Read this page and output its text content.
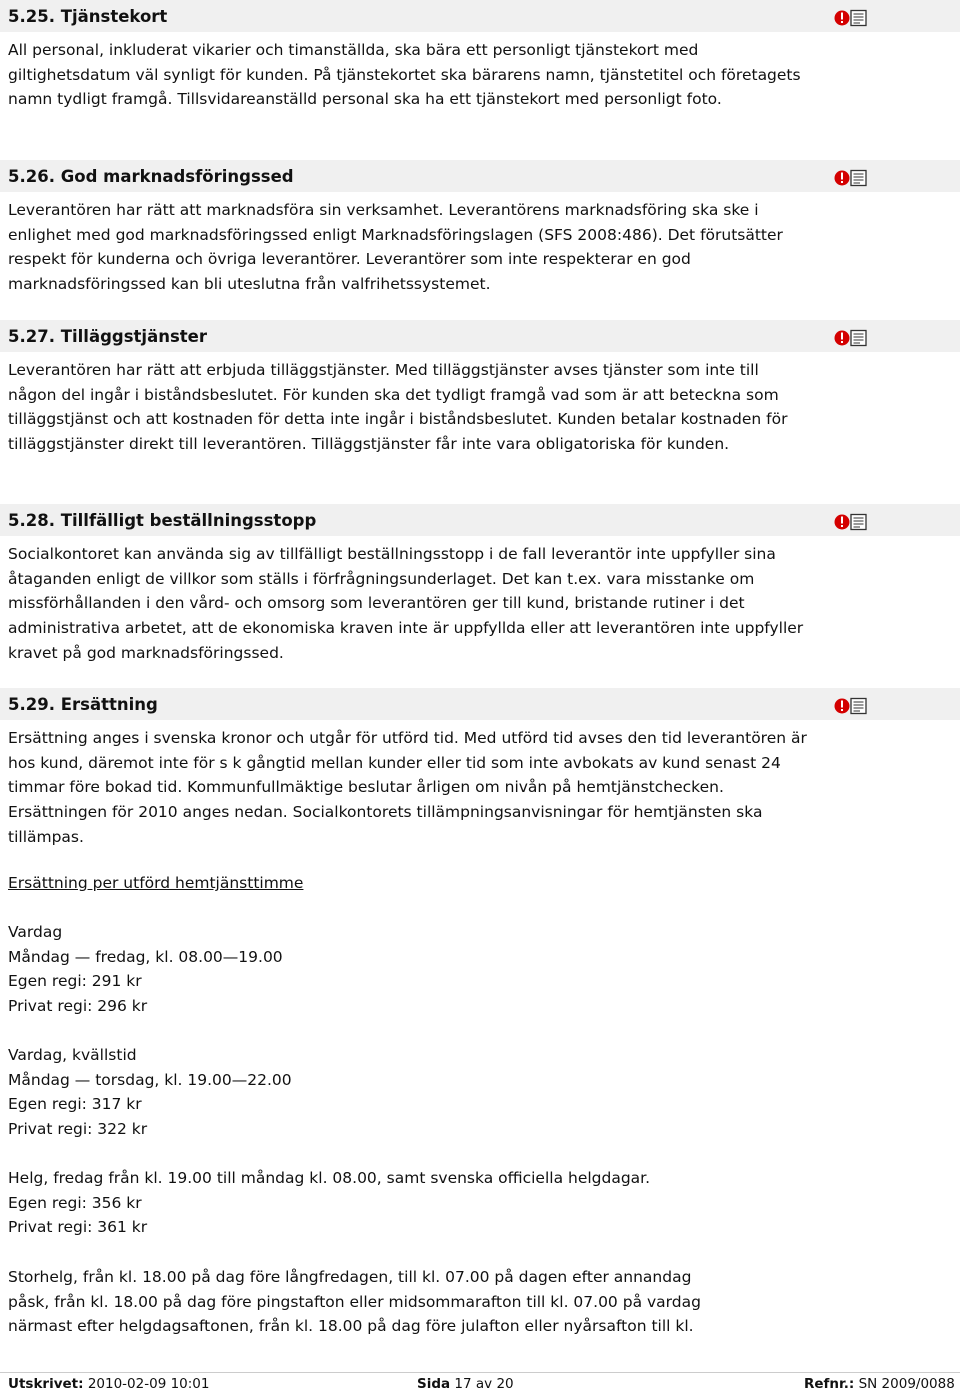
5.25. Tjänstekort

All personal, inkluderat vikarier och timanställda, ska bära ett personligt tjänstekort med giltighetsdatum väl synligt för kunden. På tjänstekortet ska bärarens namn, tjänstetitel och företagets namn tydligt framgå. Tillsvidareanställd personal ska ha ett tjänstekort med personligt foto.

5.26. God marknadsföringssed

Leverantören har rätt att marknadsföra sin verksamhet. Leverantörens marknadsföring ska ske i enlighet med god marknadsföringssed enligt Marknadsföringslagen (SFS 2008:486). Det förutsätter respekt för kunderna och övriga leverantörer. Leverantörer som inte respekterar en god marknadsföringssed kan bli uteslutna från valfrihetssystemet.

5.27. Tilläggstjänster

Leverantören har rätt att erbjuda tilläggstjänster. Med tilläggstjänster avses tjänster som inte till någon del ingår i biståndsbeslutet. För kunden ska det tydligt framgå vad som är att beteckna som tilläggstjänst och att kostnaden för detta inte ingår i biståndsbeslutet. Kunden betalar kostnaden för tilläggstjänster direkt till leverantören. Tilläggstjänster får inte vara obligatoriska för kunden.

5.28. Tillfälligt beställningsstopp

Socialkontoret kan använda sig av tillfälligt beställningsstopp i de fall leverantör inte uppfyller sina åtaganden enligt de villkor som ställs i förfrågningsunderlaget. Det kan t.ex. vara misstanke om missförhållanden i den vård- och omsorg som leverantören ger till kund, bristande rutiner i det administrativa arbetet, att de ekonomiska kraven inte är uppfyllda eller att leverantören inte uppfyller kravet på god marknadsföringssed.

5.29. Ersättning

Ersättning anges i svenska kronor och utgår för utförd tid. Med utförd tid avses den tid leverantören är hos kund, däremot inte för s k gångtid mellan kunder eller tid som inte avbokats av kund senast 24 timmar före bokad tid. Kommunfullmäktige beslutar årligen om nivån på hemtjänstchecken. Ersättningen för 2010 anges nedan. Socialkontorets tillämpningsanvisningar för hemtjänsten ska tillämpas.

Ersättning per utförd hemtjänsttimme
Vardag
Måndag — fredag, kl. 08.00—19.00
Egen regi: 291 kr
Privat regi: 296 kr
Vardag, kvällstid
Måndag — torsdag, kl. 19.00—22.00
Egen regi: 317 kr
Privat regi: 322 kr
Helg, fredag från kl. 19.00 till måndag kl. 08.00, samt svenska officiella helgdagar.
Egen regi: 356 kr
Privat regi: 361 kr
Storhelg, från kl. 18.00 på dag före långfredagen, till kl. 07.00 på dagen efter annandag
påsk, från kl. 18.00 på dag före pingstafton eller midsommarafton till kl. 07.00 på vardag
närmast efter helgdagsaftonen, från kl. 18.00 på dag före julafton eller nyårsafton till kl.
Utskrivet: 2010-02-09 10:01	Sida 17 av 20	Refnr.: SN 2009/0088
